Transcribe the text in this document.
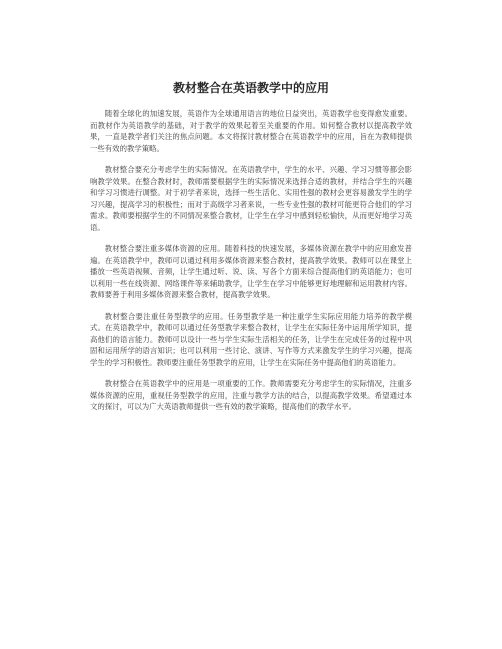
教材整合在英语教学中的应用

随着全球化的加速发展，英语作为全球通用语言的地位日益突出，英语教学也变得愈发重要。而教材作为英语教学的基础，对于教学的效果起着至关重要的作用。如何整合教材以提高教学效果，一直是教学者们关注的焦点问题。本文将探讨教材整合在英语教学中的应用，旨在为教师提供一些有效的教学策略。

教材整合要充分考虑学生的实际情况。在英语教学中，学生的水平、兴趣、学习习惯等都会影响教学效果。在整合教材时，教师需要根据学生的实际情况来选择合适的教材，并结合学生的兴趣和学习习惯进行调整。对于初学者来说，选择一些生活化、实用性强的教材会更容易激发学生的学习兴趣，提高学习的积极性；而对于高级学习者来说，一些专业性强的教材可能更符合他们的学习需求。教师要根据学生的不同情况来整合教材，让学生在学习中感到轻松愉快，从而更好地学习英语。

教材整合要注重多媒体资源的应用。随着科技的快速发展，多媒体资源在教学中的应用愈发普遍。在英语教学中，教师可以通过利用多媒体资源来整合教材，提高教学效果。教师可以在课堂上播放一些英语视频、音频，让学生通过听、说、读、写各个方面来综合提高他们的英语能力；也可以利用一些在线资源、网络课件等来辅助教学，让学生在学习中能够更好地理解和运用教材内容。教师要善于利用多媒体资源来整合教材，提高教学效果。

教材整合要注重任务型教学的应用。任务型教学是一种注重学生实际应用能力培养的教学模式。在英语教学中，教师可以通过任务型教学来整合教材，让学生在实际任务中运用所学知识，提高他们的语言能力。教师可以设计一些与学生实际生活相关的任务，让学生在完成任务的过程中巩固和运用所学的语言知识；也可以利用一些讨论、演讲、写作等方式来激发学生的学习兴趣，提高学生的学习积极性。教师要注重任务型教学的应用，让学生在实际任务中提高他们的英语能力。

教材整合在英语教学中的应用是一项重要的工作。教师需要充分考虑学生的实际情况，注重多媒体资源的应用，重视任务型教学的应用，注重与教学方法的结合，以提高教学效果。希望通过本文的探讨，可以为广大英语教师提供一些有效的教学策略，提高他们的教学水平。
